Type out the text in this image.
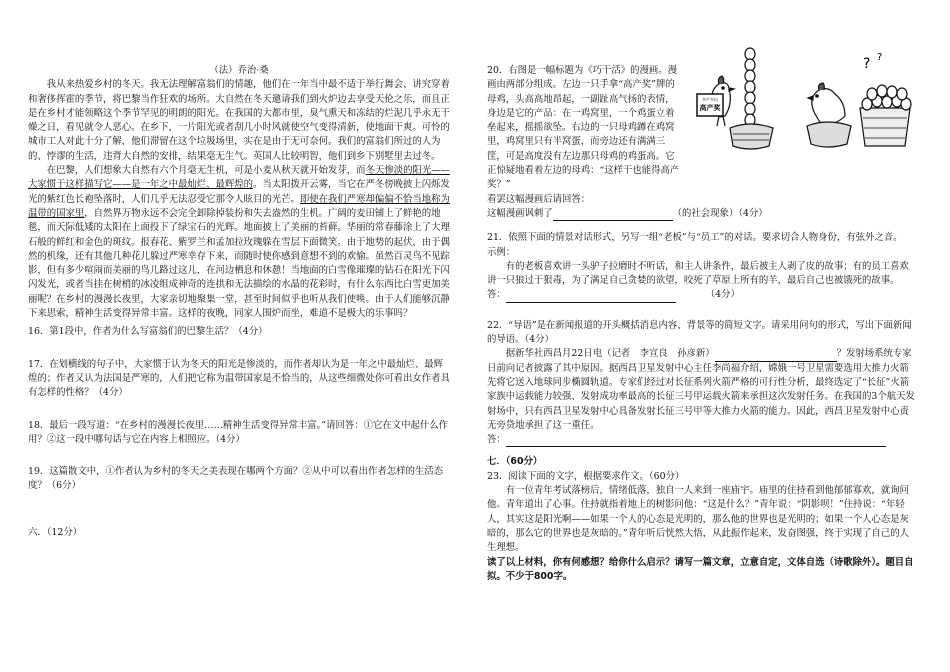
（法）乔治·桑

我从来热爱乡村的冬天。我无法理解富翁们的情趣，他们在一年当中最不适于举行舞会、讲究穿着和奢侈挥霍的季节，将巴黎当作狂欢的场所。大自然在冬天邀请我们到火炉边去享受天伦之乐，而且正是在乡村才能领略这个季节罕见的明朗的阳光。在我国的大都市里，臭气熏天和冻结的烂泥几乎永无干燥之日，看见就令人恶心。在乡下，一片阳光或者刮几小时风就使空气变得清新，使地面干爽。可怜的城市工人对此十分了解，他们滞留在这个垃圾场里，实在是由于无可奈何。我们的富翁们所过的人为的、悖谬的生活，违背大自然的安排，结果毫无生气。英国人比较明智，他们到乡下别墅里去过冬。

在巴黎，人们想象大自然有六个月毫无生机，可是小麦从秋天就开始发芽，而冬天惨淡的阳光——大家惯于这样描写它——是一年之中最灿烂、最辉煌的。当太阳拨开云雾，当它在严冬傍晚披上闪烁发光的紫红色长袍坠落时，人们几乎无法忍受它那令人眩目的光芒。即使在我们严寒却偏偏不恰当地称为温带的国家里，自然界万物永远不会完全卸除掉装扮和失去盎然的生机。广阔的麦田铺上了鲜艳的地毯，而天际低矮的太阳在上面投下了绿宝石的光辉。地面披上了美丽的苔藓。华丽的常春藤涂上了大理石般的鲜红和金色的斑纹。报春花、紫罗兰和孟加拉玫瑰躲在雪层下面微笑。由于地势的起伏，由于偶然的机缘，还有其他几种花儿躲过严寒幸存下来，而随时使你感到意想不到的欢愉。虽然百灵鸟不见踪影，但有多少喧闹而美丽的鸟儿路过这儿，在河边栖息和休憩！当地面的白雪像璀璨的钻石在阳光下闪闪发光，或者当挂在树梢的冰凌组成神奇的连拱和无法描绘的水晶的花彩时，有什么东西比白雪更加美丽呢？在乡村的漫漫长夜里，大家亲切地聚集一堂，甚至时间似乎也听从我们使唤。由于人们能够沉静下来思索，精神生活变得异常丰富。这样的夜晚，同家人围炉而坐，难道不是极大的乐事吗？

16．第1段中，作者为什么写富翁们的巴黎生活？（4分）

17．在划横线的句子中，大家惯于认为冬天的阳光是惨淡的，而作者却认为是一年之中最灿烂、最辉煌的；作者又认为法国是严寒的，人们把它称为温带国家是不恰当的，从这些细微处你可看出女作者具有怎样的性格？（4分）

18．最后一段写道：“在乡村的漫漫长夜里……精神生活变得异常丰富。”请回答：①它在文中起什么作用？②这一段中哪句话与它在内容上相照应。（4分）

19．这篇散文中，①作者认为乡村的冬天之美表现在哪两个方面？②从中可以看出作者怎样的生活态度？（6分）

六．（12分）

多产多出
高产奖
? ?

20．右图是一幅标题为《巧干活》的漫画。漫画由两部分组成。左边一只手拿“高产奖”牌的母鸡，头高高地昂起，一副趾高气扬的表情，身边是它的产品：在一鸡窝里，一个鸡蛋立着垒起来，摇摇欲坠。右边的一只母鸡蹲在鸡窝里，鸡窝里只有半窝蛋，而旁边还有满满三筐，可是高度没有左边那只母鸡的鸡蛋高。它正惊疑地看着左边的母鸡：“这样干也能得高产奖？”

看罢这幅漫画后请回答：

这幅漫画讽刺了	（的社会现象）（4分）

21．依照下面的情景对话形式，另写一组“老板”与“员工”的对话。要求切合人物身份，有弦外之音。

示例：

有的老板喜欢讲一头驴子拉磨时不听话，和主人讲条件，最后被主人剥了皮的故事；有的员工喜欢讲一只狼过于狠毒，为了满足自己贪婪的欲望，咬死了草原上所有的羊，最后自己也被饿死的故事。

答：	（4分）

22．“导语”是在新闻报道的开头概括消息内容、背景等的简短文字。请采用问句的形式，写出下面新闻的导语。（4分）

据新华社西昌月22日电（记者　李宣良　孙彦新）	？发射场系统专家日前向记者披露了其中原因。据西昌卫星发射中心主任李尚福介绍，嫦娥一号卫星需要选用大推力火箭先将它送入地球同步椭圆轨道。专家们经过对长征系列火箭严格的可行性分析，最终选定了“长征”火箭家族中运载能力较强、发射成功率最高的长征三号甲运载火箭来承担这次发射任务。在我国的3个航天发射场中，只有西昌卫星发射中心具备发射长征三号甲等大推力火箭的能力。因此，西昌卫星发射中心责无旁贷地承担了这一重任。

答：

七．（60分）

23．阅读下面的文字，根据要求作文。（60分）

有一位青年考试落榜后，情绪低落，独自一人来到一座庙宇。庙里的住持看到他郁郁寡欢，就询问他。青年道出了心事。住持就指着地上的树影问他：“这是什么？”青年说：“阴影呗！”住持说：“年轻人，其实这是阳光啊——如果一个人的心态是光明的，那么他的世界也是光明的；如果一个人心态是灰暗的，那么它的世界也是灰暗的。”青年听后恍然大悟，从此振作起来，发奋图强，终于实现了自己的人生理想。

读了以上材料，你有何感想？给你什么启示？请写一篇文章，立意自定，文体自选（诗歌除外）。题目自拟。不少于800字。
